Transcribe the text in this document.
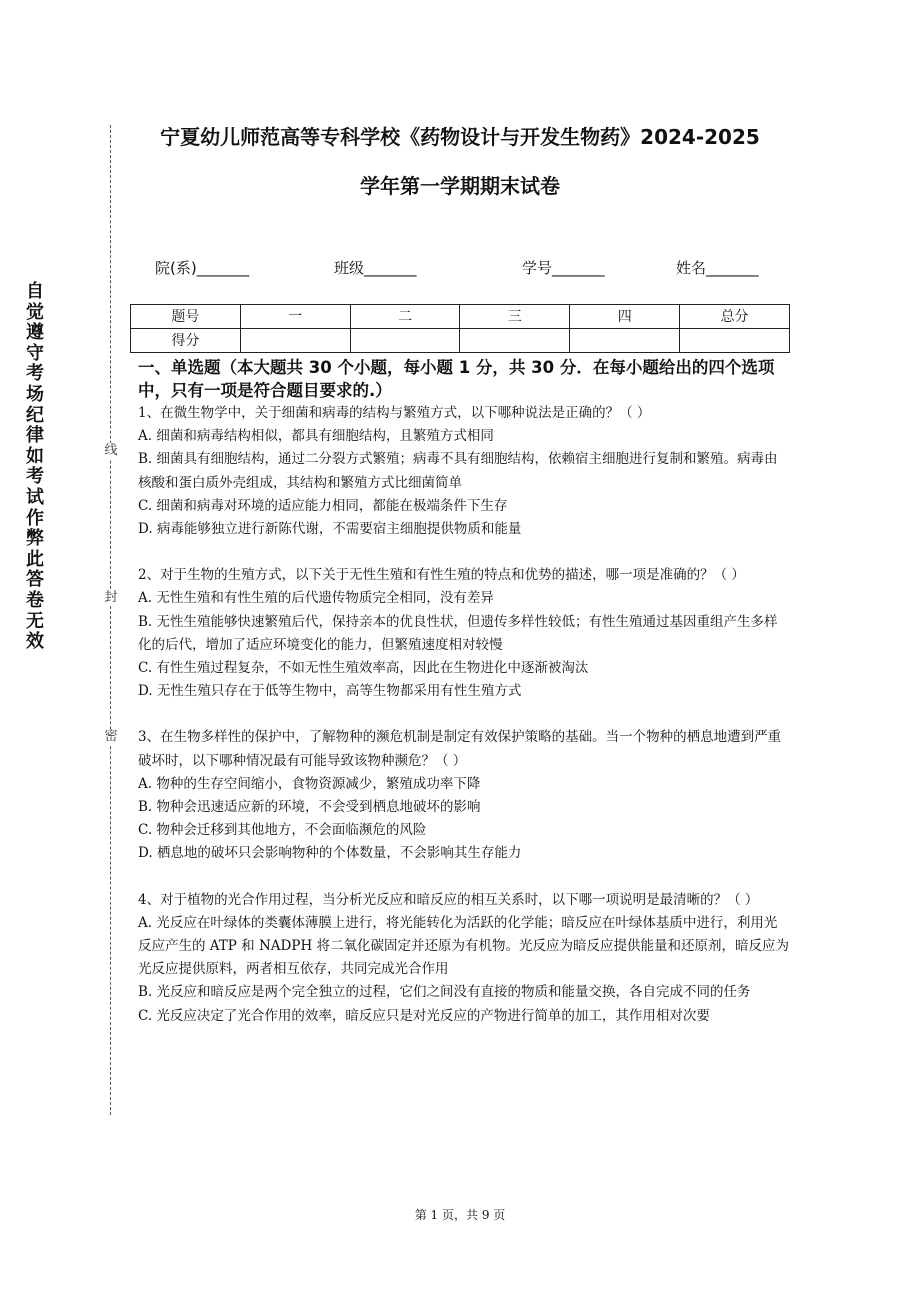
自觉遵守考场纪律如考试作弊此答卷无效
线
封
密
宁夏幼儿师范高等专科学校《药物设计与开发生物药》2024-2025
学年第一学期期末试卷
院(系)_______	班级_______	学号_______	姓名_______
题号	一	二	三	四	总分
得分					

一、单选题（本大题共 30 个小题，每小题 1 分，共 30 分．在每小题给出的四个选项中，只有一项是符合题目要求的.）

1、在微生物学中，关于细菌和病毒的结构与繁殖方式，以下哪种说法是正确的？（ ）

A. 细菌和病毒结构相似，都具有细胞结构，且繁殖方式相同

B. 细菌具有细胞结构，通过二分裂方式繁殖；病毒不具有细胞结构，依赖宿主细胞进行复制和繁殖。病毒由核酸和蛋白质外壳组成，其结构和繁殖方式比细菌简单

C. 细菌和病毒对环境的适应能力相同，都能在极端条件下生存

D. 病毒能够独立进行新陈代谢，不需要宿主细胞提供物质和能量

2、对于生物的生殖方式，以下关于无性生殖和有性生殖的特点和优势的描述，哪一项是准确的？（ ）

A. 无性生殖和有性生殖的后代遗传物质完全相同，没有差异

B. 无性生殖能够快速繁殖后代，保持亲本的优良性状，但遗传多样性较低；有性生殖通过基因重组产生多样化的后代，增加了适应环境变化的能力，但繁殖速度相对较慢

C. 有性生殖过程复杂，不如无性生殖效率高，因此在生物进化中逐渐被淘汰

D. 无性生殖只存在于低等生物中，高等生物都采用有性生殖方式

3、在生物多样性的保护中，了解物种的濒危机制是制定有效保护策略的基础。当一个物种的栖息地遭到严重破坏时，以下哪种情况最有可能导致该物种濒危？（ ）

A. 物种的生存空间缩小，食物资源减少，繁殖成功率下降

B. 物种会迅速适应新的环境，不会受到栖息地破坏的影响

C. 物种会迁移到其他地方，不会面临濒危的风险

D. 栖息地的破坏只会影响物种的个体数量，不会影响其生存能力

4、对于植物的光合作用过程，当分析光反应和暗反应的相互关系时，以下哪一项说明是最清晰的？（ ）

A. 光反应在叶绿体的类囊体薄膜上进行，将光能转化为活跃的化学能；暗反应在叶绿体基质中进行，利用光反应产生的 ATP 和 NADPH 将二氧化碳固定并还原为有机物。光反应为暗反应提供能量和还原剂，暗反应为光反应提供原料，两者相互依存，共同完成光合作用

B. 光反应和暗反应是两个完全独立的过程，它们之间没有直接的物质和能量交换，各自完成不同的任务

C. 光反应决定了光合作用的效率，暗反应只是对光反应的产物进行简单的加工，其作用相对次要

第 1 页，共 9 页
